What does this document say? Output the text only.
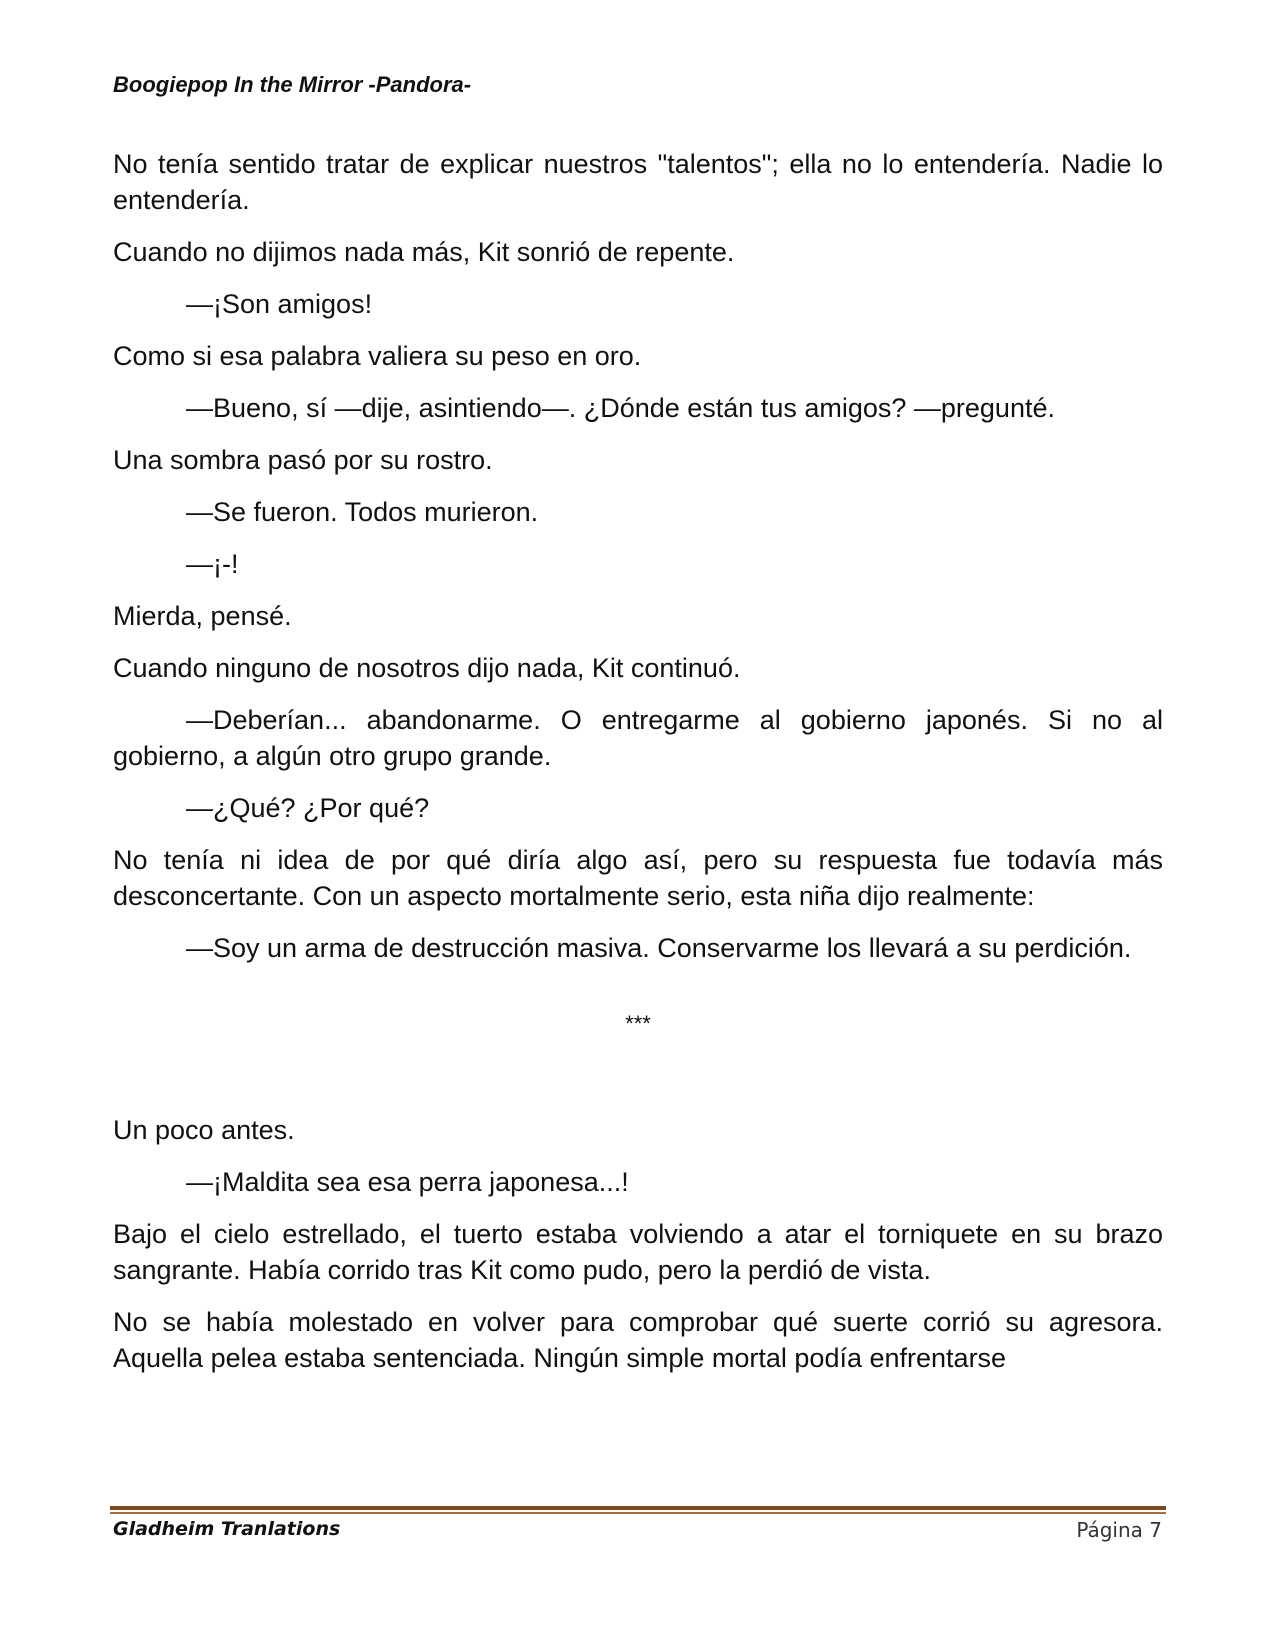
Boogiepop In the Mirror -Pandora-

No tenía sentido tratar de explicar nuestros "talentos"; ella no lo entendería. Nadie lo entendería.

Cuando no dijimos nada más, Kit sonrió de repente.

—¡Son amigos!

Como si esa palabra valiera su peso en oro.

—Bueno, sí —dije, asintiendo—. ¿Dónde están tus amigos? —pregunté.

Una sombra pasó por su rostro.

—Se fueron. Todos murieron.

—¡-!

Mierda, pensé.

Cuando ninguno de nosotros dijo nada, Kit continuó.

—Deberían... abandonarme. O entregarme al gobierno japonés. Si no al gobierno, a algún otro grupo grande.

—¿Qué? ¿Por qué?

No tenía ni idea de por qué diría algo así, pero su respuesta fue todavía más desconcertante. Con un aspecto mortalmente serio, esta niña dijo realmente:

—Soy un arma de destrucción masiva. Conservarme los llevará a su perdición.

***

Un poco antes.

—¡Maldita sea esa perra japonesa...!

Bajo el cielo estrellado, el tuerto estaba volviendo a atar el torniquete en su brazo sangrante. Había corrido tras Kit como pudo, pero la perdió de vista.

No se había molestado en volver para comprobar qué suerte corrió su agresora. Aquella pelea estaba sentenciada. Ningún simple mortal podía enfrentarse

Gladheim Tranlations	Página 7
